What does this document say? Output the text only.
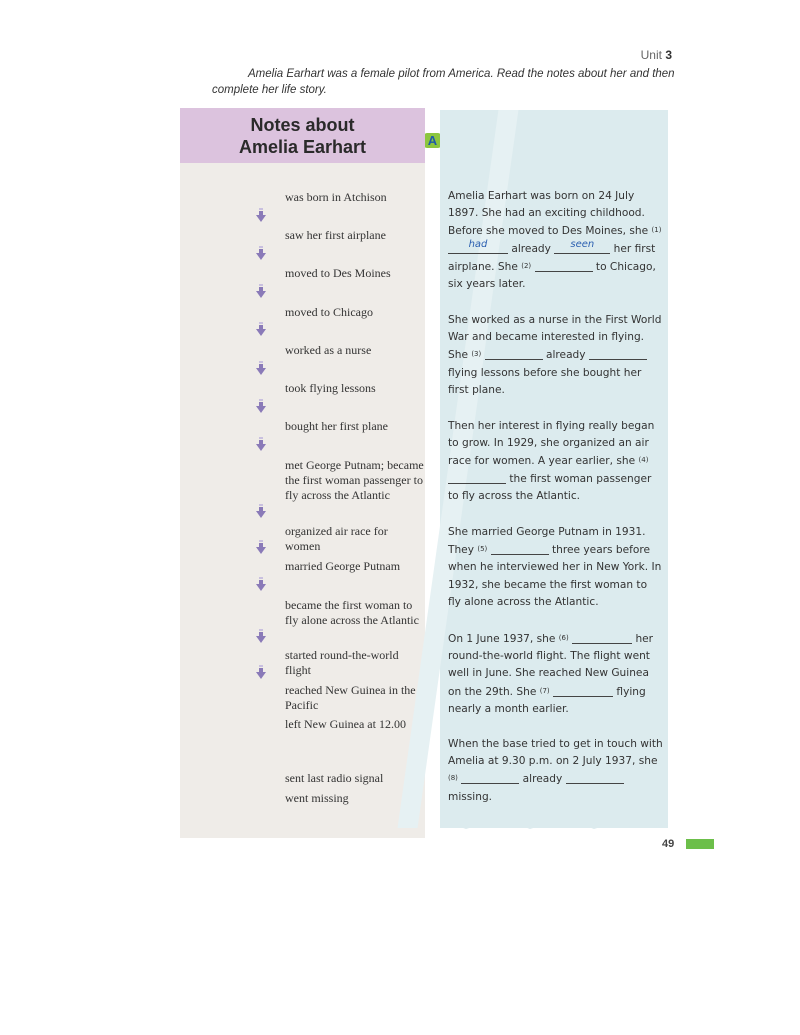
Unit 3
A
Amelia Earhart was a female pilot from America. Read the notes about her and then complete her life story.
Notes about
Amelia Earhart
was born in Atchison
saw her first airplane
moved to Des Moines
moved to Chicago
worked as a nurse
took flying lessons
bought her first plane
met George Putnam; became the first woman passenger to fly across the Atlantic
organized air race for women
married George Putnam
became the first woman to fly alone across the Atlantic
started round-the-world flight
reached New Guinea in the Pacific
left New Guinea at 12.00
sent last radio signal
went missing
Amelia Earhart was born on 24 July 1897. She had an exciting childhood. Before she moved to Des Moines, she (1)
had	already	seen	her first airplane. She (2)	to Chicago, six years later.
She worked as a nurse in the First World War and became interested in flying. She (3)	already  flying lessons before she bought her first plane.
Then her interest in flying really began to grow. In 1929, she organized an air race for women. A year earlier, she (4)  the first woman passenger to fly across the Atlantic.
She married George Putnam in 1931. They (5)	three years before when he interviewed her in New York. In 1932, she became the first woman to fly alone across the Atlantic.
On 1 June 1937, she (6)	her round-the-world flight. The flight went well in June. She reached New Guinea on the 29th. She (7)	flying nearly a month earlier.
When the base tried to get in touch with Amelia at 9.30 p.m. on 2 July 1937, she (8)	already  missing.
49
